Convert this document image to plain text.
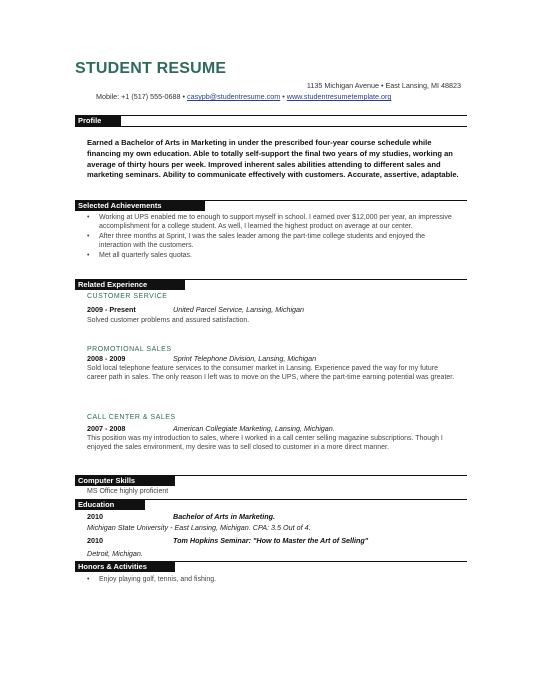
STUDENT RESUME
1135 Michigan Avenue • East Lansing, MI 48823
Mobile: +1 (517) 555-0688 • casypb@studentresume.com • www.studentresumetemplate.org
Profile
Earned a Bachelor of Arts in Marketing in under the prescribed four-year course schedule while financing my own education. Able to totally self-support the final two years of my studies, working an average of thirty hours per week. Improved inherent sales abilities attending to different sales and marketing seminars. Ability to communicate effectively with customers. Accurate, assertive, adaptable.
Selected Achievements
• Working at UPS enabled me to enough to support myself in school. I earned over $12,000 per year, an impressive accomplishment for a college student. As well, I learned the highest product on average at our center.
• After three months at Sprint, I was the sales leader among the part-time college students and enjoyed the interaction with the customers.
• Met all quarterly sales quotas.
Related Experience
CUSTOMER SERVICE
2009 - Present	United Parcel Service, Lansing, Michigan
Solved customer problems and assured satisfaction.
PROMOTIONAL SALES
2008 - 2009	Sprint Telephone Division, Lansing, Michigan
Sold local telephone feature services to the consumer market in Lansing. Experience paved the way for my future career path in sales. The only reason I left was to move on the UPS, where the part-time earning potential was greater.
CALL CENTER & SALES
2007 - 2008	American Collegiate Marketing, Lansing, Michigan.
This position was my introduction to sales, where I worked in a call center selling magazine subscriptions. Though I enjoyed the sales environment, my desire was to sell closed to customer in a more direct manner.
Computer Skills
MS Office highly proficient
Education
2010	Bachelor of Arts in Marketing.
Michigan State University - East Lansing, Michigan. CPA: 3.5 Out of 4.
2010	Tom Hopkins Seminar: "How to Master the Art of Selling"
Detroit, Michigan.
Honors & Activities
• Enjoy playing golf, tennis, and fishing.
